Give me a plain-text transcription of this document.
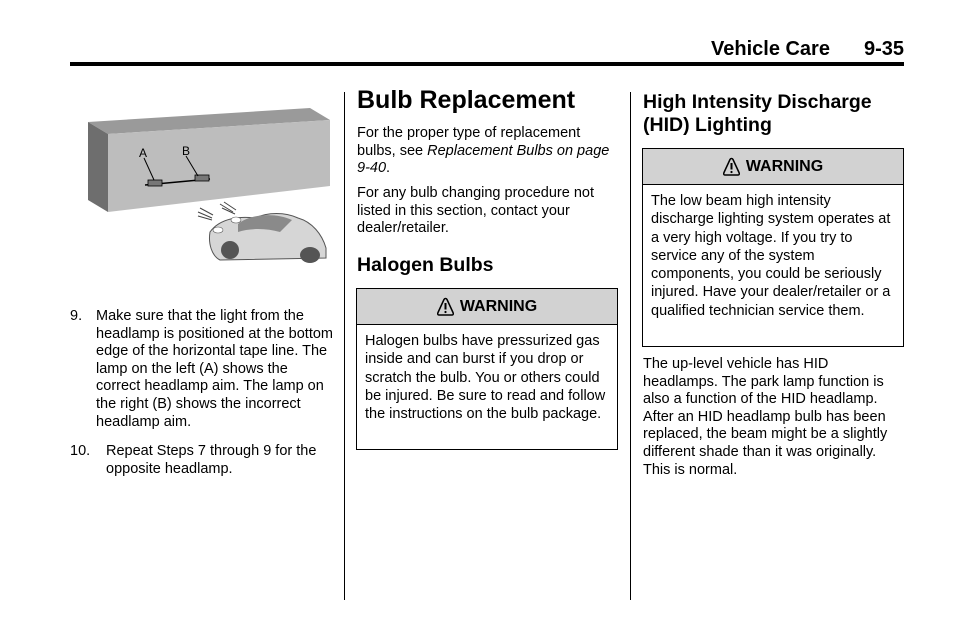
Vehicle Care 9-35
A	B
9. Make sure that the light from the headlamp is positioned at the bottom edge of the horizontal tape line. The lamp on the left (A) shows the correct headlamp aim. The lamp on the right (B) shows the incorrect headlamp aim.
10.	Repeat Steps 7 through 9 for the opposite headlamp.
Bulb Replacement

For the proper type of replacement bulbs, see Replacement Bulbs on page 9-40.

For any bulb changing procedure not listed in this section, contact your dealer/retailer.

Halogen Bulbs
WARNING
Halogen bulbs have pressurized gas inside and can burst if you drop or scratch the bulb. You or others could be injured. Be sure to read and follow the instructions on the bulb package.
High Intensity Discharge (HID) Lighting
WARNING
The low beam high intensity discharge lighting system operates at a very high voltage. If you try to service any of the system components, you could be seriously injured. Have your dealer/retailer or a qualified technician service them.

The up-level vehicle has HID headlamps. The park lamp function is also a function of the HID headlamp. After an HID headlamp bulb has been replaced, the beam might be a slightly different shade than it was originally. This is normal.
